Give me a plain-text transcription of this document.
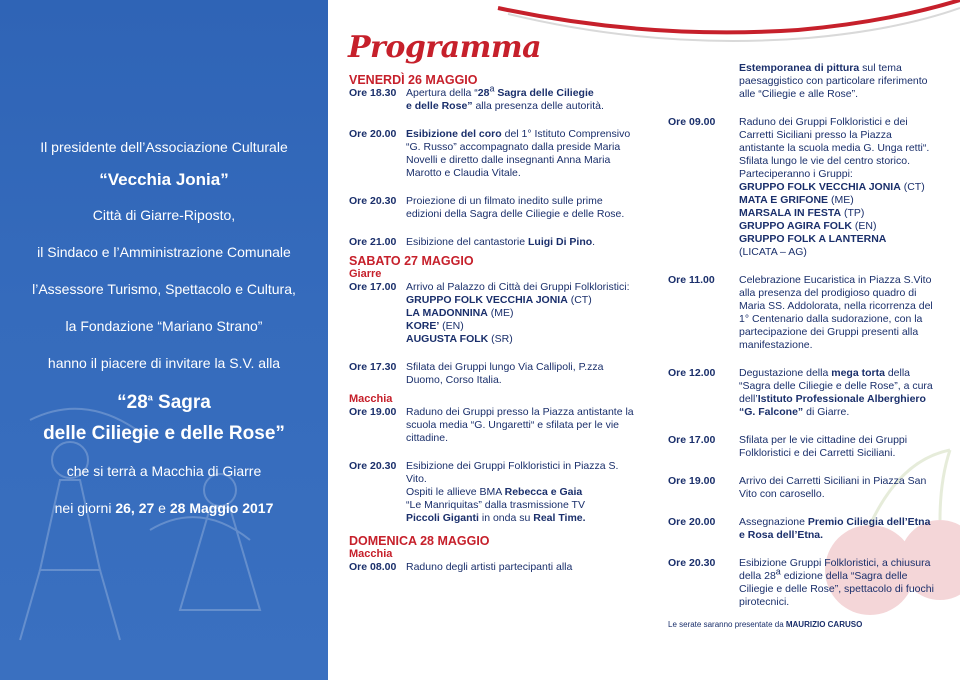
Il presidente dell’Associazione Culturale

“Vecchia Jonia”

Città di Giarre-Riposto,

il Sindaco e l’Amministrazione Comunale

l’Assessore Turismo, Spettacolo e Cultura,

la Fondazione “Mariano Strano”

hanno il piacere di invitare la S.V. alla

“28$^a$ Sagra

delle Ciliegie e delle Rose”

che si terrà a Macchia di Giarre

nei giorni 26, 27 e 28 Maggio 2017

Programma
VENERDÌ 26 MAGGIO
Ore 18.30 Apertura della “28$^a$ Sagra delle Ciliegie
e delle Rose” alla presenza delle autorità.
Ore 20.00 Esibizione del coro del 1° Istituto Comprensivo “G. Russo” accompagnato dalla preside Maria Novelli e diretto dalle insegnanti Anna Maria Marotto e Claudia Vitale.
Ore 20.30 Proiezione di un filmato inedito sulle prime edizioni della Sagra delle Ciliegie e delle Rose.
Ore 21.00 Esibizione del cantastorie Luigi Di Pino.
SABATO 27 MAGGIO
Giarre
Ore 17.00 Arrivo al Palazzo di Città dei Gruppi Folkloristici:
GRUPPO FOLK VECCHIA JONIA (CT)
LA MADONNINA (ME)
KORE’ (EN)
AUGUSTA FOLK (SR)
Ore 17.30 Sfilata dei Gruppi lungo Via Callipoli, P.zza Duomo, Corso Italia.
Macchia
Ore 19.00 Raduno dei Gruppi presso la Piazza antistante la scuola media “G. Ungaretti“ e sfilata per le vie cittadine.
Ore 20.30 Esibizione dei Gruppi Folkloristici in Piazza S. Vito.
Ospiti le allieve BMA Rebecca e Gaia
“Le Manriquitas” dalla trasmissione TV
Piccoli Giganti in onda su Real Time.
DOMENICA 28 MAGGIO
Macchia
Ore 08.00 Raduno degli artisti partecipanti alla
Estemporanea di pittura sul tema paesaggistico con particolare riferimento alle “Ciliegie e alle Rose”.
Ore 09.00	Raduno dei Gruppi Folkloristici e dei Carretti Siciliani presso la Piazza antistante la scuola media G. Unga retti“. Sfilata lungo le vie del centro storico. Parteciperanno i Gruppi:
GRUPPO FOLK VECCHIA JONIA (CT)
MATA E GRIFONE (ME)
MARSALA IN FESTA (TP)
GRUPPO AGIRA FOLK (EN)
GRUPPO FOLK A LANTERNA
(LICATA – AG)
Ore 11.00	Celebrazione Eucaristica in Piazza S.Vito alla presenza del prodigioso quadro di Maria SS. Addolorata, nella ricorrenza del 1° Centenario dalla sudorazione, con la partecipazione dei Gruppi presenti alla manifestazione.
Ore 12.00	Degustazione della mega torta della “Sagra delle Ciliegie e delle Rose”, a cura dell’Istituto Professionale Alberghiero “G. Falcone” di Giarre.
Ore 17.00	Sfilata per le vie cittadine dei Gruppi Folkloristici e dei Carretti Siciliani.
Ore 19.00	Arrivo dei Carretti Siciliani in Piazza San Vito con carosello.
Ore 20.00	Assegnazione Premio Ciliegia dell’Etna e Rosa dell’Etna.
Ore 20.30	Esibizione Gruppi Folkloristici, a chiusura della 28$^a$ edizione della “Sagra delle Ciliegie e delle Rose”, spettacolo di fuochi pirotecnici.
Le serate saranno presentate da MAURIZIO CARUSO
